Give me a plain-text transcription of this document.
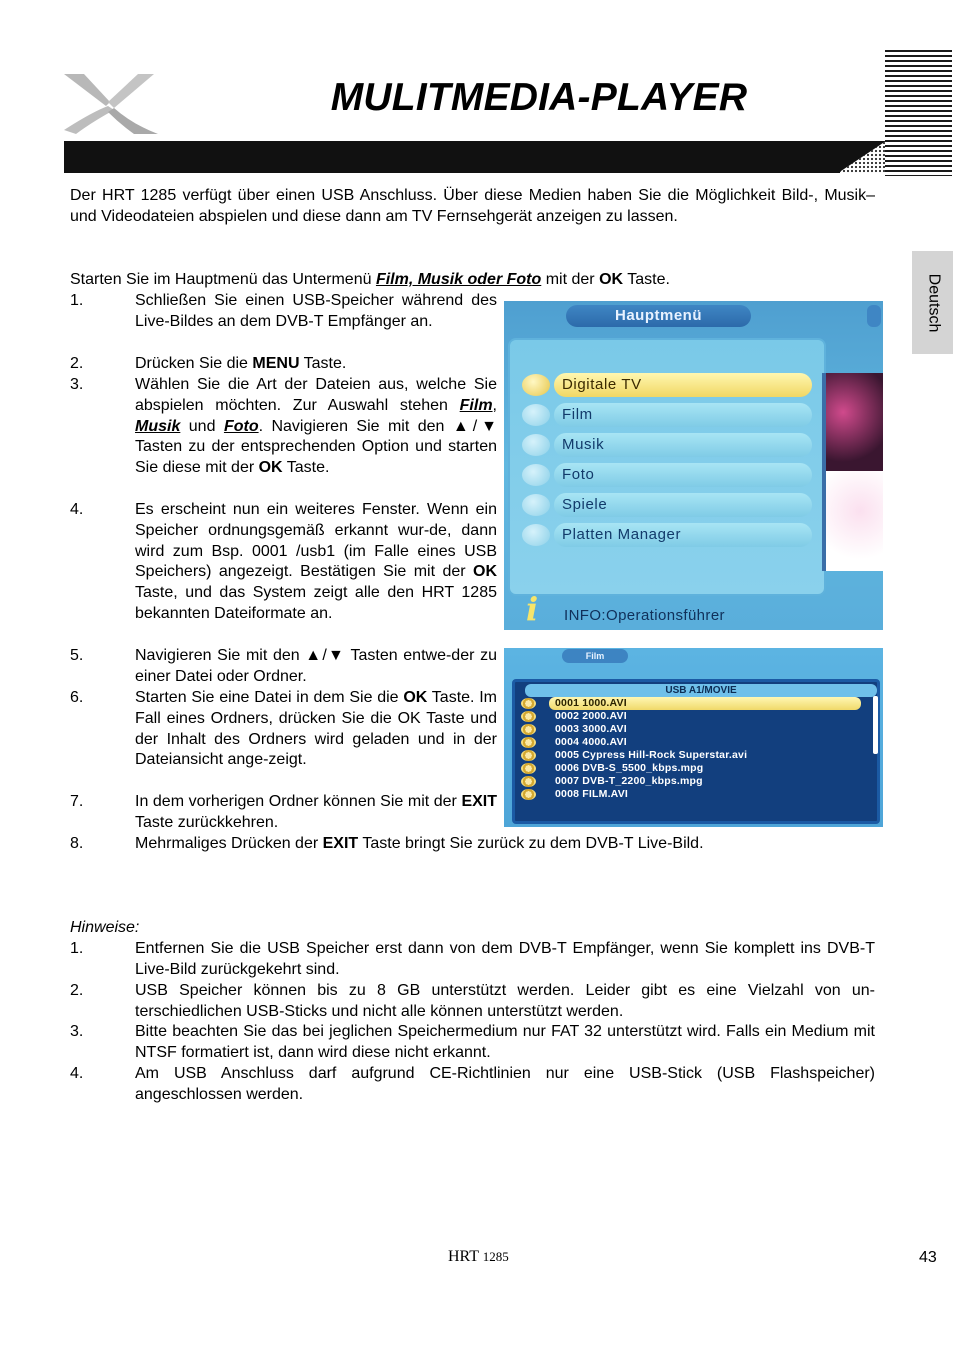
MULITMEDIA-PLAYER
Deutsch

Der HRT 1285 verfügt über einen USB Anschluss. Über diese Medien haben Sie die Möglichkeit Bild-, Musik– und Videodateien abspielen und diese dann am TV Fernsehgerät anzeigen zu lassen.

Starten Sie im Hauptmenü das Untermenü Film, Musik oder Foto mit der OK Taste.

1.	Schließen Sie einen USB-Speicher während des Live-Bildes an dem DVB-T Empfänger an.
2.	Drücken Sie die MENU Taste.
3.	Wählen Sie die Art der Dateien aus, welche Sie abspielen möchten. Zur Auswahl stehen Film, Musik und Foto. Navigieren Sie mit den ▲/▼ Tasten zu der entsprechenden Option und starten Sie diese mit der OK Taste.
4.	Es erscheint nun ein weiteres Fenster. Wenn ein Speicher ordnungsgemäß erkannt wur-de, dann wird zum Bsp. 0001 /usb1 (im Falle eines USB Speichers) angezeigt. Bestätigen Sie mit der OK Taste, und das System zeigt alle den HRT 1285 bekannten Dateiformate an.
5.	Navigieren Sie mit den ▲/▼ Tasten entwe-der zu einer Datei oder Ordner.
6.	Starten Sie eine Datei in dem Sie die OK Taste. Im Fall eines Ordners, drücken Sie die OK Taste und der Inhalt des Ordners wird geladen und in der Dateiansicht ange-zeigt.
7.	In dem vorherigen Ordner können Sie mit der EXIT Taste zurückkehren.
8.	Mehrmaliges Drücken der EXIT Taste bringt Sie zurück zu dem DVB-T Live-Bild.
Hauptmenü
Digitale TV
Film
Musik
Foto
Spiele
Platten Manager
i	INFO:Operationsführer
Film
USB A1/MOVIE
0001 1000.AVI
0002 2000.AVI
0003 3000.AVI
0004 4000.AVI
0005 Cypress Hill-Rock Superstar.avi
0006 DVB-S_5500_kbps.mpg
0007 DVB-T_2200_kbps.mpg
0008 FILM.AVI
Hinweise:
1.	Entfernen Sie die USB Speicher erst dann von dem DVB-T Empfänger, wenn Sie komplett ins DVB-T Live-Bild zurückgekehrt sind.
2.	USB Speicher können bis zu 8 GB unterstützt werden. Leider gibt es eine Vielzahl von un-terschiedlichen USB-Sticks und nicht alle können unterstützt werden.
3.	Bitte beachten Sie das bei jeglichen Speichermedium nur FAT 32 unterstützt wird. Falls ein Medium mit NTSF formatiert ist, dann wird diese nicht erkannt.
4.	Am USB Anschluss darf aufgrund CE-Richtlinien nur eine USB-Stick (USB Flashspeicher) angeschlossen werden.
HRT 1285	43
